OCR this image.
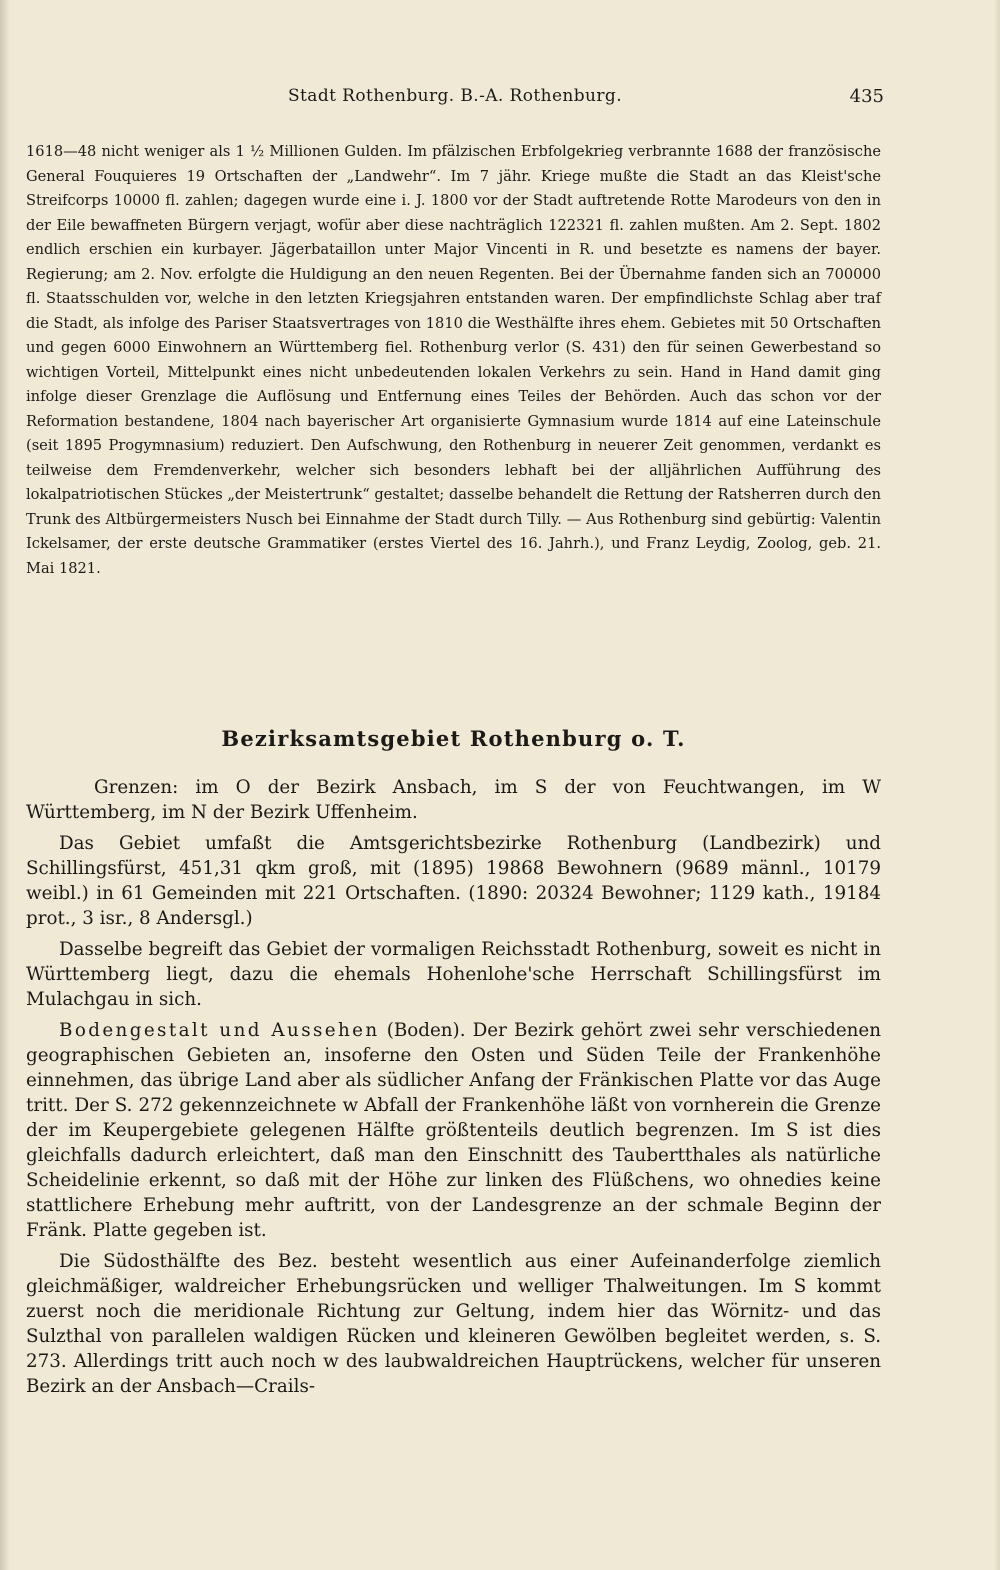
Stadt Rothenburg. B.-A. Rothenburg.	435

1618—48 nicht weniger als 1 ½ Millionen Gulden. Im pfälzischen Erbfolgekrieg verbrannte 1688 der französische General Fouquieres 19 Ortschaften der „Landwehr“. Im 7 jähr. Kriege mußte die Stadt an das Kleist'sche Streifcorps 10000 fl. zahlen; dagegen wurde eine i. J. 1800 vor der Stadt auftretende Rotte Marodeurs von den in der Eile bewaffneten Bürgern verjagt, wofür aber diese nachträglich 122321 fl. zahlen mußten. Am 2. Sept. 1802 endlich erschien ein kurbayer. Jägerbataillon unter Major Vincenti in R. und besetzte es namens der bayer. Regierung; am 2. Nov. erfolgte die Huldigung an den neuen Regenten. Bei der Übernahme fanden sich an 700000 fl. Staatsschulden vor, welche in den letzten Kriegsjahren entstanden waren. Der empfindlichste Schlag aber traf die Stadt, als infolge des Pariser Staatsvertrages von 1810 die Westhälfte ihres ehem. Gebietes mit 50 Ortschaften und gegen 6000 Einwohnern an Württemberg fiel. Rothenburg verlor (S. 431) den für seinen Gewerbestand so wichtigen Vorteil, Mittelpunkt eines nicht unbedeutenden lokalen Verkehrs zu sein. Hand in Hand damit ging infolge dieser Grenzlage die Auflösung und Entfernung eines Teiles der Behörden. Auch das schon vor der Reformation bestandene, 1804 nach bayerischer Art organisierte Gymnasium wurde 1814 auf eine Lateinschule (seit 1895 Progymnasium) reduziert. Den Aufschwung, den Rothenburg in neuerer Zeit genommen, verdankt es teilweise dem Fremdenverkehr, welcher sich besonders lebhaft bei der alljährlichen Aufführung des lokalpatriotischen Stückes „der Meistertrunk“ gestaltet; dasselbe behandelt die Rettung der Ratsherren durch den Trunk des Altbürgermeisters Nusch bei Einnahme der Stadt durch Tilly. — Aus Rothenburg sind gebürtig: Valentin Ickelsamer, der erste deutsche Grammatiker (erstes Viertel des 16. Jahrh.), und Franz Leydig, Zoolog, geb. 21. Mai 1821.

Bezirksamtsgebiet Rothenburg o. T.

Grenzen: im O der Bezirk Ansbach, im S der von Feuchtwangen, im W Württemberg, im N der Bezirk Uffenheim.

Das Gebiet umfaßt die Amtsgerichtsbezirke Rothenburg (Landbezirk) und Schillingsfürst, 451,31 qkm groß, mit (1895) 19868 Bewohnern (9689 männl., 10179 weibl.) in 61 Gemeinden mit 221 Ortschaften. (1890: 20324 Bewohner; 1129 kath., 19184 prot., 3 isr., 8 Andersgl.)

Dasselbe begreift das Gebiet der vormaligen Reichsstadt Rothenburg, soweit es nicht in Württemberg liegt, dazu die ehemals Hohenlohe'sche Herrschaft Schillingsfürst im Mulachgau in sich.

Bodengestalt und Aussehen (Boden). Der Bezirk gehört zwei sehr verschiedenen geographischen Gebieten an, insoferne den Osten und Süden Teile der Frankenhöhe einnehmen, das übrige Land aber als südlicher Anfang der Fränkischen Platte vor das Auge tritt. Der S. 272 gekennzeichnete w Abfall der Frankenhöhe läßt von vornherein die Grenze der im Keupergebiete gelegenen Hälfte größtenteils deutlich begrenzen. Im S ist dies gleichfalls dadurch erleichtert, daß man den Einschnitt des Taubertthales als natürliche Scheidelinie erkennt, so daß mit der Höhe zur linken des Flüßchens, wo ohnedies keine stattlichere Erhebung mehr auftritt, von der Landesgrenze an der schmale Beginn der Fränk. Platte gegeben ist.

Die Südosthälfte des Bez. besteht wesentlich aus einer Aufeinanderfolge ziemlich gleichmäßiger, waldreicher Erhebungsrücken und welliger Thalweitungen. Im S kommt zuerst noch die meridionale Richtung zur Geltung, indem hier das Wörnitz- und das Sulzthal von parallelen waldigen Rücken und kleineren Gewölben begleitet werden, s. S. 273. Allerdings tritt auch noch w des laubwaldreichen Hauptrückens, welcher für unseren Bezirk an der Ansbach—Crails-
